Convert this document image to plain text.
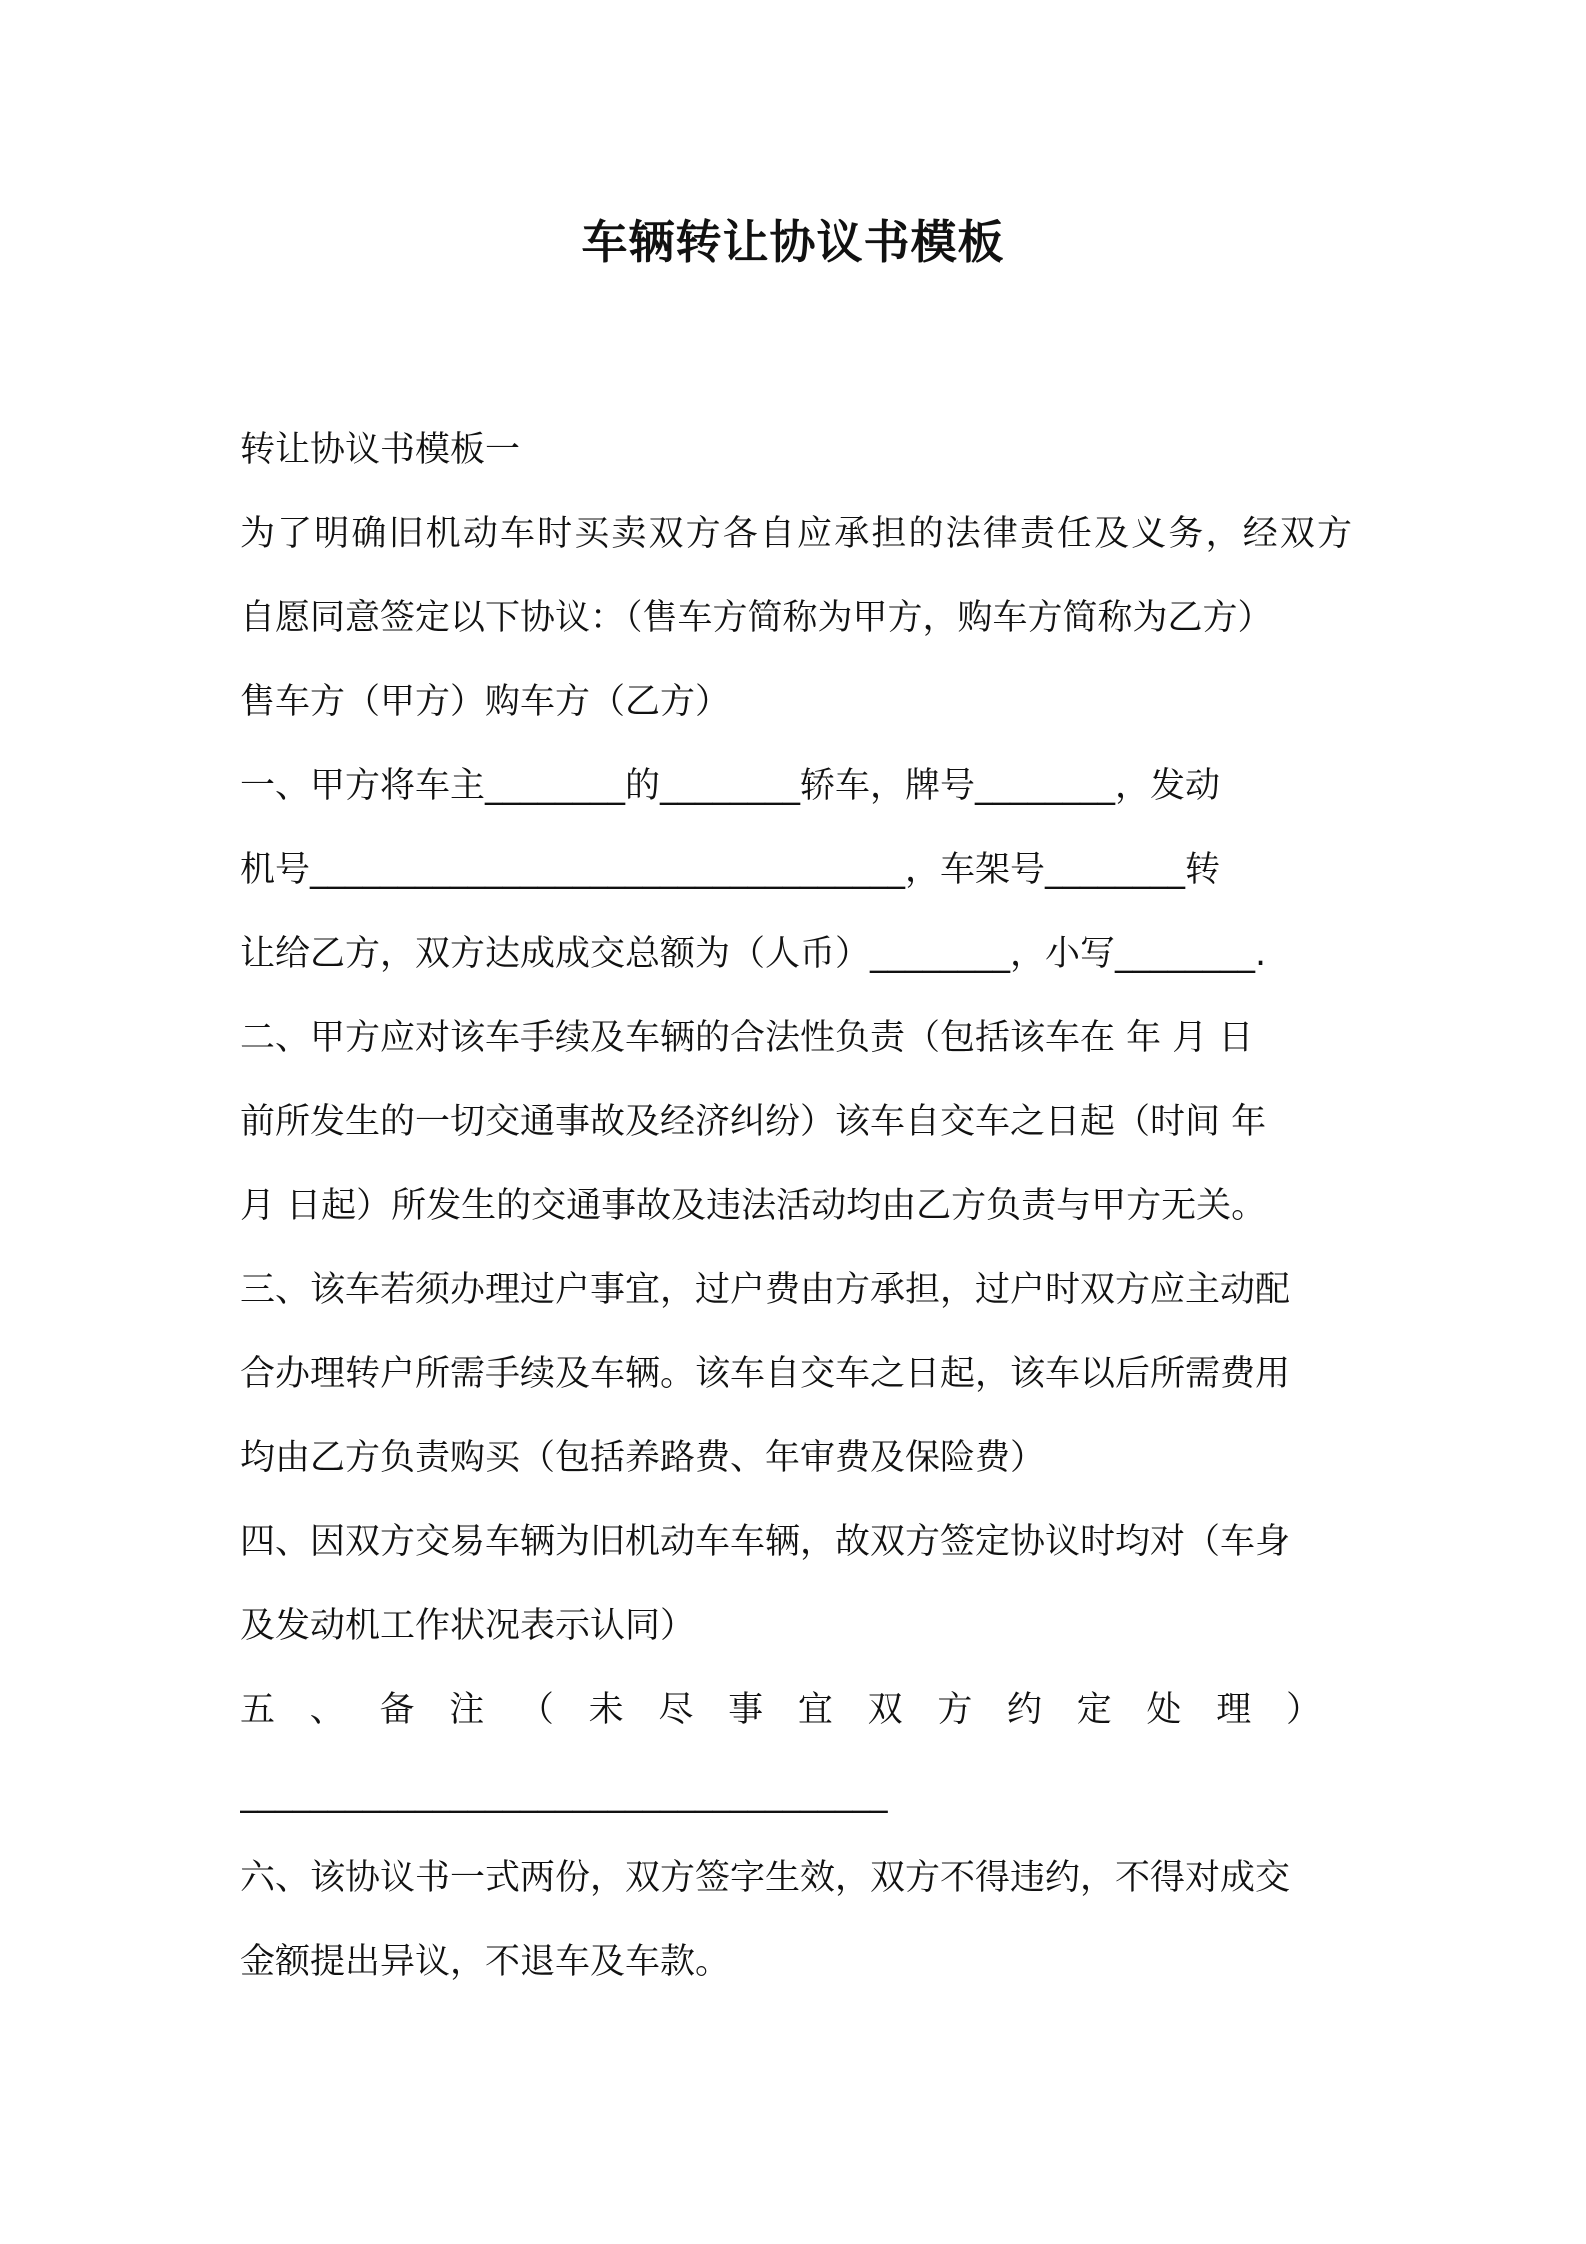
车辆转让协议书模板
转让协议书模板一
为了明确旧机动车时买卖双方各自应承担的法律责任及义务，经双方
自愿同意签定以下协议：（售车方简称为甲方，购车方简称为乙方）
售车方（甲方）购车方（乙方）
一、甲方将车主________的________轿车，牌号________，发动
机号__________________________________，车架号________转
让给乙方，双方达成成交总额为（人币）________，小写________.
二、甲方应对该车手续及车辆的合法性负责（包括该车在 年 月 日
前所发生的一切交通事故及经济纠纷）该车自交车之日起（时间 年
月 日起）所发生的交通事故及违法活动均由乙方负责与甲方无关。
三、该车若须办理过户事宜，过户费由方承担，过户时双方应主动配
合办理转户所需手续及车辆。该车自交车之日起，该车以后所需费用
均由乙方负责购买（包括养路费、年审费及保险费）
四、因双方交易车辆为旧机动车车辆，故双方签定协议时均对（车身
及发动机工作状况表示认同）
五、备注（未尽事宜双方约定处理）
_____________________________________
六、该协议书一式两份，双方签字生效，双方不得违约，不得对成交
金额提出异议，不退车及车款。
